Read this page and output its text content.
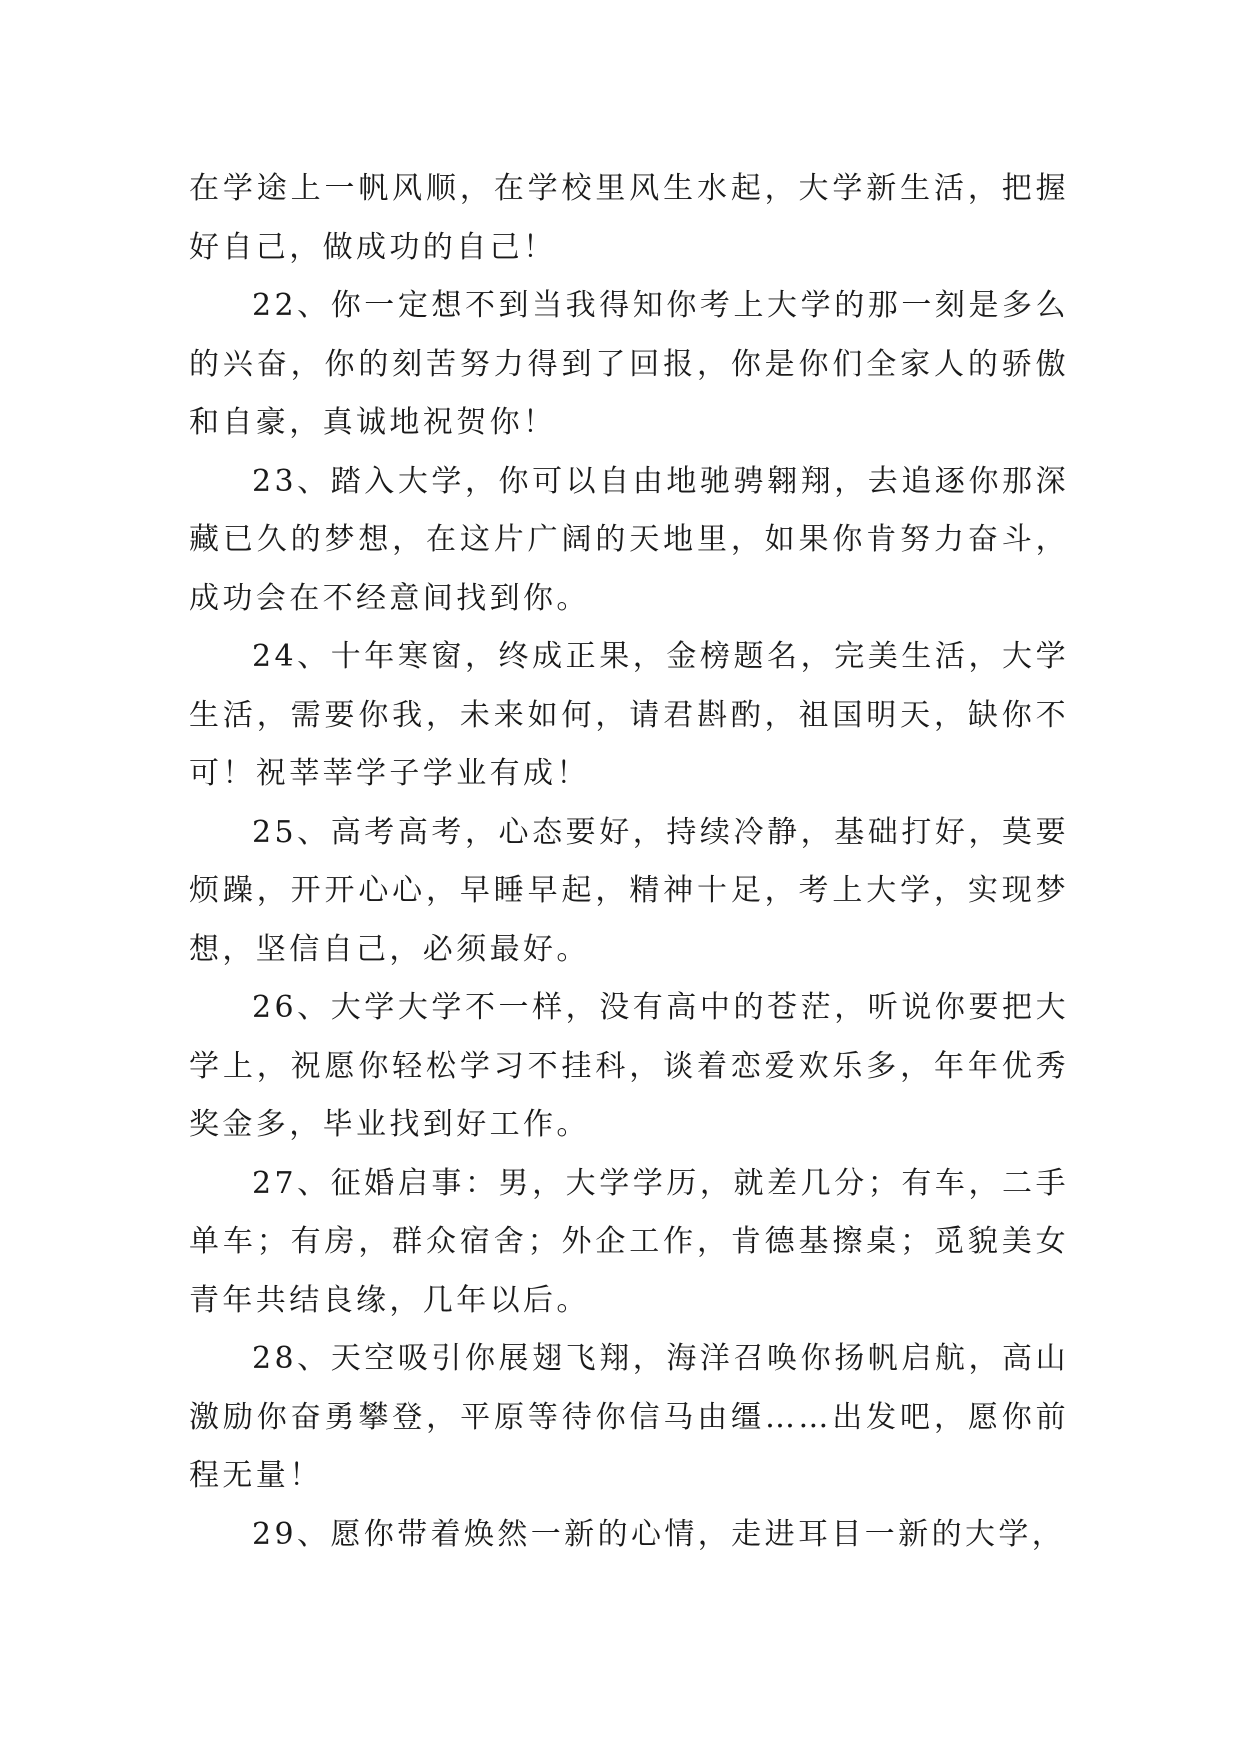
在学途上一帆风顺，在学校里风生水起，大学新生活，把握好自己，做成功的自己！

22、你一定想不到当我得知你考上大学的那一刻是多么的兴奋，你的刻苦努力得到了回报，你是你们全家人的骄傲和自豪，真诚地祝贺你！

23、踏入大学，你可以自由地驰骋翱翔，去追逐你那深藏已久的梦想，在这片广阔的天地里，如果你肯努力奋斗，成功会在不经意间找到你。

24、十年寒窗，终成正果，金榜题名，完美生活，大学生活，需要你我，未来如何，请君斟酌，祖国明天，缺你不可！祝莘莘学子学业有成！

25、高考高考，心态要好，持续冷静，基础打好，莫要烦躁，开开心心，早睡早起，精神十足，考上大学，实现梦想，坚信自己，必须最好。

26、大学大学不一样，没有高中的苍茫，听说你要把大学上，祝愿你轻松学习不挂科，谈着恋爱欢乐多，年年优秀奖金多，毕业找到好工作。

27、征婚启事：男，大学学历，就差几分；有车，二手单车；有房，群众宿舍；外企工作，肯德基擦桌；觅貌美女青年共结良缘，几年以后。

28、天空吸引你展翅飞翔，海洋召唤你扬帆启航，高山激励你奋勇攀登，平原等待你信马由缰……出发吧，愿你前程无量！

29、愿你带着焕然一新的心情，走进耳目一新的大学，
